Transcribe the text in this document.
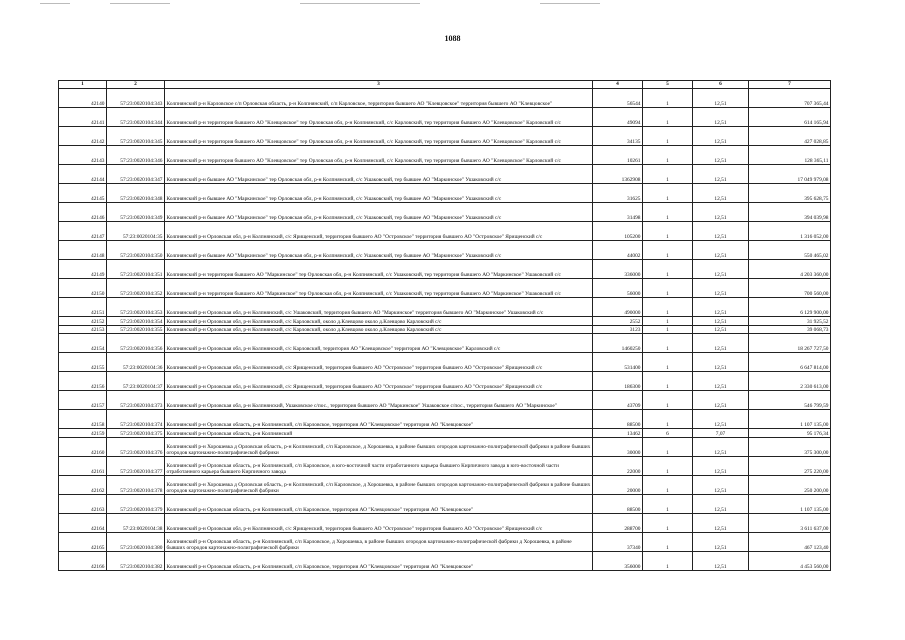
1088
1	2	3	4	5	6	7
42140	57:23:0020104:343	Колпнянский р-н Карловское с/п Орловская область, р-н Колпнянский, с/п Карловское, территория бывшего АО "Клевцовское" территория бывшего АО "Клевцовское"	56544	1	12,51	707 365,44
42141	57:23:0020104:344	Колпнянский р-н территория бывшего АО "Клевцовское" тер Орловская обл, р-н Колпнянский, с/с Карловский, тер территория бывшего АО "Клевцовское" Карловский с/с	49094	1	12,51	614 165,94
42142	57:23:0020104:345	Колпнянский р-н территория бывшего АО "Клевцовское" тер Орловская обл, р-н Колпнянский, с/с Карловский, тер территория бывшего АО "Клевцовское" Карловский с/с	34135	1	12,51	427 028,85
42143	57:23:0020104:346	Колпнянский р-н территория бывшего АО "Клевцовское" тер Орловская обл, р-н Колпнянский, с/с Карловский, тер территория бывшего АО "Клевцовское" Карловский с/с	10261	1	12,51	128 365,11
42144	57:23:0020104:347	Колпнянский р-н бывшее АО "Маркинское" тер Орловская обл, р-н Колпнянский, с/с Ушаковский, тер бывшее АО "Маркинское" Ушаковский с/с	1362908	1	12,51	17 049 979,08
42145	57:23:0020104:348	Колпнянский р-н бывшее АО "Маркинское" тер Орловская обл, р-н Колпнянский, с/с Ушаковский, тер бывшее АО "Маркинское" Ушаковский с/с	31625	1	12,51	395 628,75
42146	57:23:0020104:349	Колпнянский р-н бывшее АО "Маркинское" тер Орловская обл, р-н Колпнянский, с/с Ушаковский, тер бывшее АО "Маркинское" Ушаковский с/с	31498	1	12,51	394 039,98
42147	57:23:0020104:35	Колпнянский р-н Орловская обл, р-н Колпнянский, с/с Ярищенский, территория бывшего АО "Островское" территория бывшего АО "Островское" Ярищенский с/с	105200	1	12,51	1 316 052,00
42148	57:23:0020104:350	Колпнянский р-н бывшее АО "Маркинское" тер Орловская обл, р-н Колпнянский, с/с Ушаковский, тер бывшее АО "Маркинское" Ушаковский с/с	44002	1	12,51	550 465,02
42149	57:23:0020104:351	Колпнянский р-н территория бывшего АО "Маркинское" тер Орловская обл, р-н Колпнянский, с/с Ушаковский, тер территория бывшего АО "Маркинское" Ушаковский с/с	336000	1	12,51	4 203 360,00
42150	57:23:0020104:352	Колпнянский р-н территория бывшего АО "Маркинское" тер Орловская обл, р-н Колпнянский, с/с Ушаковский, тер территория бывшего АО "Маркинское" Ушаковский с/с	56000	1	12,51	700 560,00
42151	57:23:0020104:353	Колпнянский р-н Орловская обл, р-н Колпнянский, с/с Ушаковский, территория бывшего АО "Маркинское" территория бывшего АО "Маркинское" Ушаковский с/с	490000	1	12,51	6 129 900,00
42152	57:23:0020104:354	Колпнянский р-н Орловская обл, р-н Колпнянский, с/с Карловский, около д.Клевцово около д.Клевцово Карловский с/с	2552	1	12,51	31 925,52
42153	57:23:0020104:355	Колпнянский р-н Орловская обл, р-н Колпнянский, с/с Карловский, около д.Клевцово около д.Клевцово Карловский с/с	3123	1	12,51	39 068,73
42154	57:23:0020104:356	Колпнянский р-н Орловская обл, р-н Колпнянский, с/с Карловский, территория АО "Клевцовское" территория АО "Клевцовское" Карловский с/с	1460250	1	12,51	18 267 727,50
42155	57:23:0020104:36	Колпнянский р-н Орловская обл, р-н Колпнянский, с/с Ярищенский, территория бывшего АО "Островское" территория бывшего АО "Островское" Ярищенский с/с	531400	1	12,51	6 647 814,00
42156	57:23:0020104:37	Колпнянский р-н Орловская обл, р-н Колпнянский, с/с Ярищенский, территория бывшего АО "Островское" территория бывшего АО "Островское" Ярищенский с/с	186300	1	12,51	2 330 613,00
42157	57:23:0020104:373	Колпнянский р-н Орловская обл, р-н Колпнянский, Ушаковское с/пос., территория бывшего АО "Маркинское" Ушаковское с/пос., территория бывшего АО "Маркинское"	43709	1	12,51	546 799,59
42158	57:23:0020104:374	Колпнянский р-н Орловская область, р-н Колпнянский, с/п Карловское, территория АО "Клевцовское" территория АО "Клевцовское"	88500	1	12,51	1 107 135,00
42159	57:23:0020104:375	Колпнянский р-н Орловская область, р-н Колпнянский	13462	6	7,07	95 176,34
42160	57:23:0020104:376	Колпнянский р-н Хорошевка д Орловская область, р-н Колпнянский, с/п Карловское, д Хорошевка, в районе бывших огородов картонажно-полиграфической фабрики в районе бывших огородов картонажно-полиграфической фабрики	30000	1	12,51	375 300,00
42161	57:23:0020104:377	Колпнянский р-н Орловская область, р-н Колпнянский, с/п Карловское, в юго-восточной части отработанного карьера бывшего Кирпичного завода в юго-восточной части отработанного карьера бывшего Кирпичного завода	22000	1	12,51	275 220,00
42162	57:23:0020104:378	Колпнянский р-н Хорошевка д Орловская область, р-н Колпнянский, с/п Карловское, д Хорошевка, в районе бывших огородов картонажно-полиграфической фабрики в районе бывших огородов картонажно-полиграфической фабрики	20000	1	12,51	250 200,00
42163	57:23:0020104:379	Колпнянский р-н Орловская область, р-н Колпнянский, с/п Карловское, территория АО "Клевцовское" территория АО "Клевцовское"	88500	1	12,51	1 107 135,00
42164	57:23:0020104:38	Колпнянский р-н Орловская обл, р-н Колпнянский, с/с Ярищенский, территория бывшего АО "Островское" территория бывшего АО "Островское" Ярищенский с/с	288700	1	12,51	3 611 637,00
42165	57:23:0020104:380	Колпнянский р-н Орловская область, р-н Колпнянский, с/п Карловское, д Хорошевка, в районе бывших огородов картонажно-полиграфической фабрики д Хорошевка, в районе бывших огородов картонажно-полиграфической фабрики	37340	1	12,51	467 123,40
42166	57:23:0020104:382	Колпнянский р-н Орловская область, р-н Колпнянский, с/п Карловское, территория АО "Клевцовское" территория АО "Клевцовское"	356000	1	12,51	4 453 560,00
